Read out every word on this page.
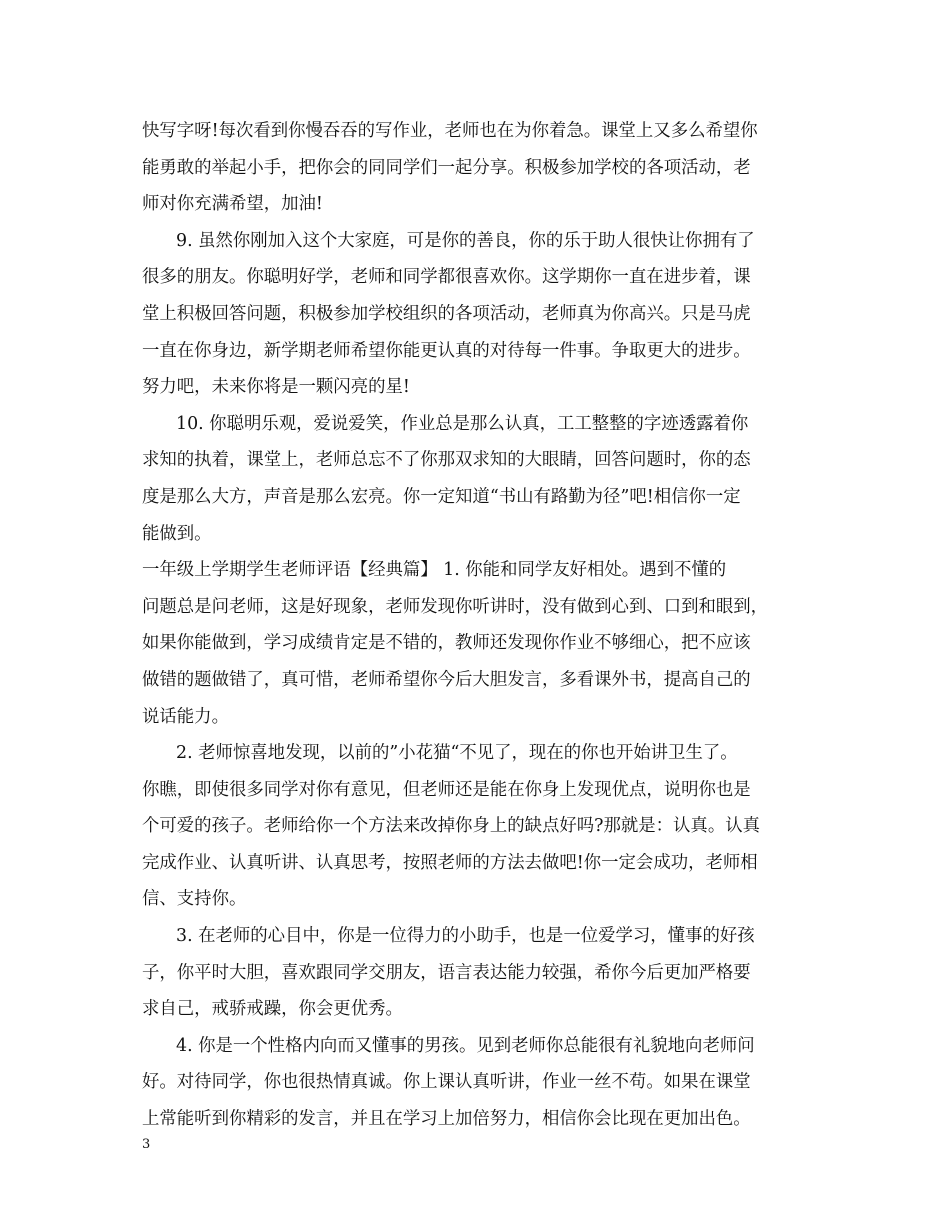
快写字呀!每次看到你慢吞吞的写作业，老师也在为你着急。课堂上又多么希望你
能勇敢的举起小手，把你会的同同学们一起分享。积极参加学校的各项活动，老
师对你充满希望，加油!
9. 虽然你刚加入这个大家庭，可是你的善良，你的乐于助人很快让你拥有了
很多的朋友。你聪明好学，老师和同学都很喜欢你。这学期你一直在进步着，课
堂上积极回答问题，积极参加学校组织的各项活动，老师真为你高兴。只是马虎
一直在你身边，新学期老师希望你能更认真的对待每一件事。争取更大的进步。
努力吧，未来你将是一颗闪亮的星!
10. 你聪明乐观，爱说爱笑，作业总是那么认真，工工整整的字迹透露着你
求知的执着，课堂上，老师总忘不了你那双求知的大眼睛，回答问题时，你的态
度是那么大方，声音是那么宏亮。你一定知道“书山有路勤为径”吧!相信你一定
能做到。
一年级上学期学生老师评语【经典篇】 1. 你能和同学友好相处。遇到不懂的
问题总是问老师，这是好现象，老师发现你听讲时，没有做到心到、口到和眼到，
如果你能做到，学习成绩肯定是不错的，教师还发现你作业不够细心，把不应该
做错的题做错了，真可惜，老师希望你今后大胆发言，多看课外书，提高自己的
说话能力。
2. 老师惊喜地发现，以前的”小花猫“不见了，现在的你也开始讲卫生了。
你瞧，即使很多同学对你有意见，但老师还是能在你身上发现优点，说明你也是
个可爱的孩子。老师给你一个方法来改掉你身上的缺点好吗?那就是：认真。认真
完成作业、认真听讲、认真思考，按照老师的方法去做吧!你一定会成功，老师相
信、支持你。
3. 在老师的心目中，你是一位得力的小助手，也是一位爱学习，懂事的好孩
子，你平时大胆，喜欢跟同学交朋友，语言表达能力较强，希你今后更加严格要
求自己，戒骄戒躁，你会更优秀。
4. 你是一个性格内向而又懂事的男孩。见到老师你总能很有礼貌地向老师问
好。对待同学，你也很热情真诚。你上课认真听讲，作业一丝不苟。如果在课堂
上常能听到你精彩的发言，并且在学习上加倍努力，相信你会比现在更加出色。
3
